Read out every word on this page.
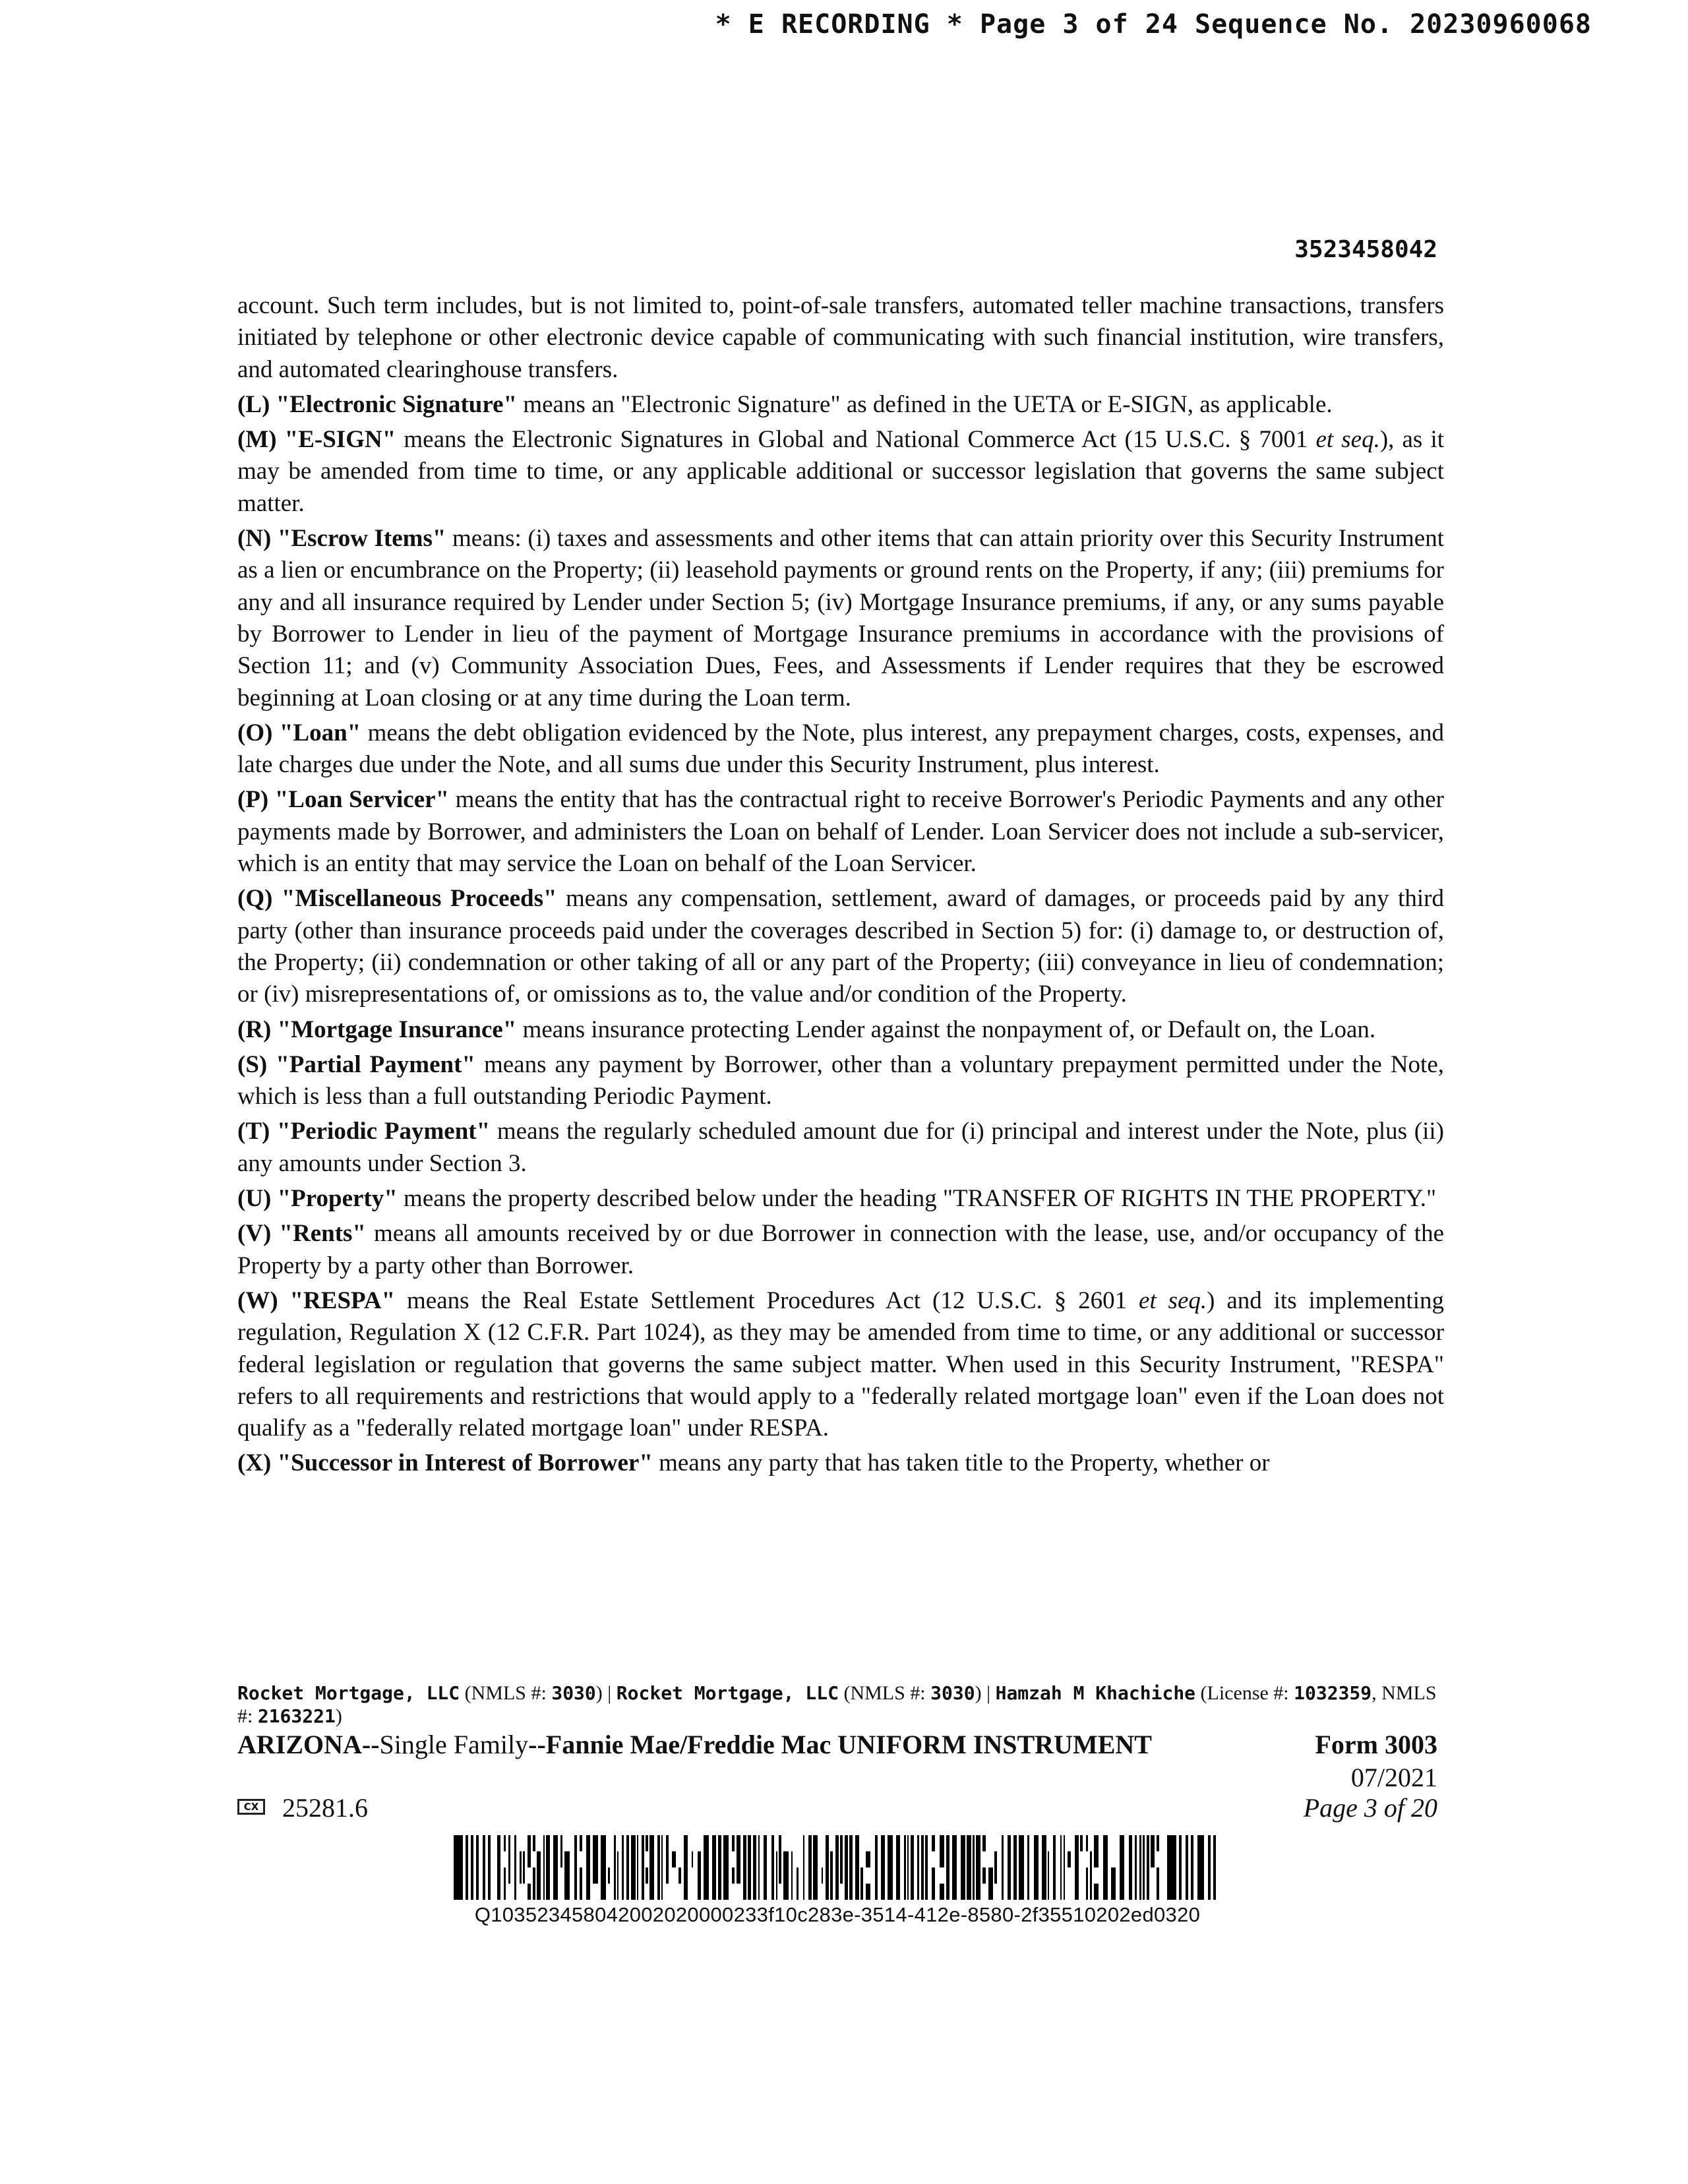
* E RECORDING * Page 3 of 24 Sequence No. 20230960068
3523458042

account. Such term includes, but is not limited to, point-of-sale transfers, automated teller machine transactions, transfers initiated by telephone or other electronic device capable of communicating with such financial institution, wire transfers, and automated clearinghouse transfers.

(L) "Electronic Signature" means an "Electronic Signature" as defined in the UETA or E-SIGN, as applicable.

(M) "E-SIGN" means the Electronic Signatures in Global and National Commerce Act (15 U.S.C. § 7001 et seq.), as it may be amended from time to time, or any applicable additional or successor legislation that governs the same subject matter.

(N) "Escrow Items" means: (i) taxes and assessments and other items that can attain priority over this Security Instrument as a lien or encumbrance on the Property; (ii) leasehold payments or ground rents on the Property, if any; (iii) premiums for any and all insurance required by Lender under Section 5; (iv) Mortgage Insurance premiums, if any, or any sums payable by Borrower to Lender in lieu of the payment of Mortgage Insurance premiums in accordance with the provisions of Section 11; and (v) Community Association Dues, Fees, and Assessments if Lender requires that they be escrowed beginning at Loan closing or at any time during the Loan term.

(O) "Loan" means the debt obligation evidenced by the Note, plus interest, any prepayment charges, costs, expenses, and late charges due under the Note, and all sums due under this Security Instrument, plus interest.

(P) "Loan Servicer" means the entity that has the contractual right to receive Borrower's Periodic Payments and any other payments made by Borrower, and administers the Loan on behalf of Lender. Loan Servicer does not include a sub-servicer, which is an entity that may service the Loan on behalf of the Loan Servicer.

(Q) "Miscellaneous Proceeds" means any compensation, settlement, award of damages, or proceeds paid by any third party (other than insurance proceeds paid under the coverages described in Section 5) for: (i) damage to, or destruction of, the Property; (ii) condemnation or other taking of all or any part of the Property; (iii) conveyance in lieu of condemnation; or (iv) misrepresentations of, or omissions as to, the value and/or condition of the Property.

(R) "Mortgage Insurance" means insurance protecting Lender against the nonpayment of, or Default on, the Loan.

(S) "Partial Payment" means any payment by Borrower, other than a voluntary prepayment permitted under the Note, which is less than a full outstanding Periodic Payment.

(T) "Periodic Payment" means the regularly scheduled amount due for (i) principal and interest under the Note, plus (ii) any amounts under Section 3.

(U) "Property" means the property described below under the heading "TRANSFER OF RIGHTS IN THE PROPERTY."

(V) "Rents" means all amounts received by or due Borrower in connection with the lease, use, and/or occupancy of the Property by a party other than Borrower.

(W) "RESPA" means the Real Estate Settlement Procedures Act (12 U.S.C. § 2601 et seq.) and its implementing regulation, Regulation X (12 C.F.R. Part 1024), as they may be amended from time to time, or any additional or successor federal legislation or regulation that governs the same subject matter. When used in this Security Instrument, "RESPA" refers to all requirements and restrictions that would apply to a "federally related mortgage loan" even if the Loan does not qualify as a "federally related mortgage loan" under RESPA.

(X) "Successor in Interest of Borrower" means any party that has taken title to the Property, whether or

Rocket Mortgage, LLC (NMLS #: 3030) | Rocket Mortgage, LLC (NMLS #: 3030) | Hamzah M Khachiche (License #: 1032359, NMLS #: 2163221)
ARIZONA--Single Family--Fannie Mae/Freddie Mac UNIFORM INSTRUMENT	Form 3003
07/2021
Page 3 of 20
CX 25281.6
Q103523458042002020000233f10c283e-3514-412e-8580-2f35510202ed0320
